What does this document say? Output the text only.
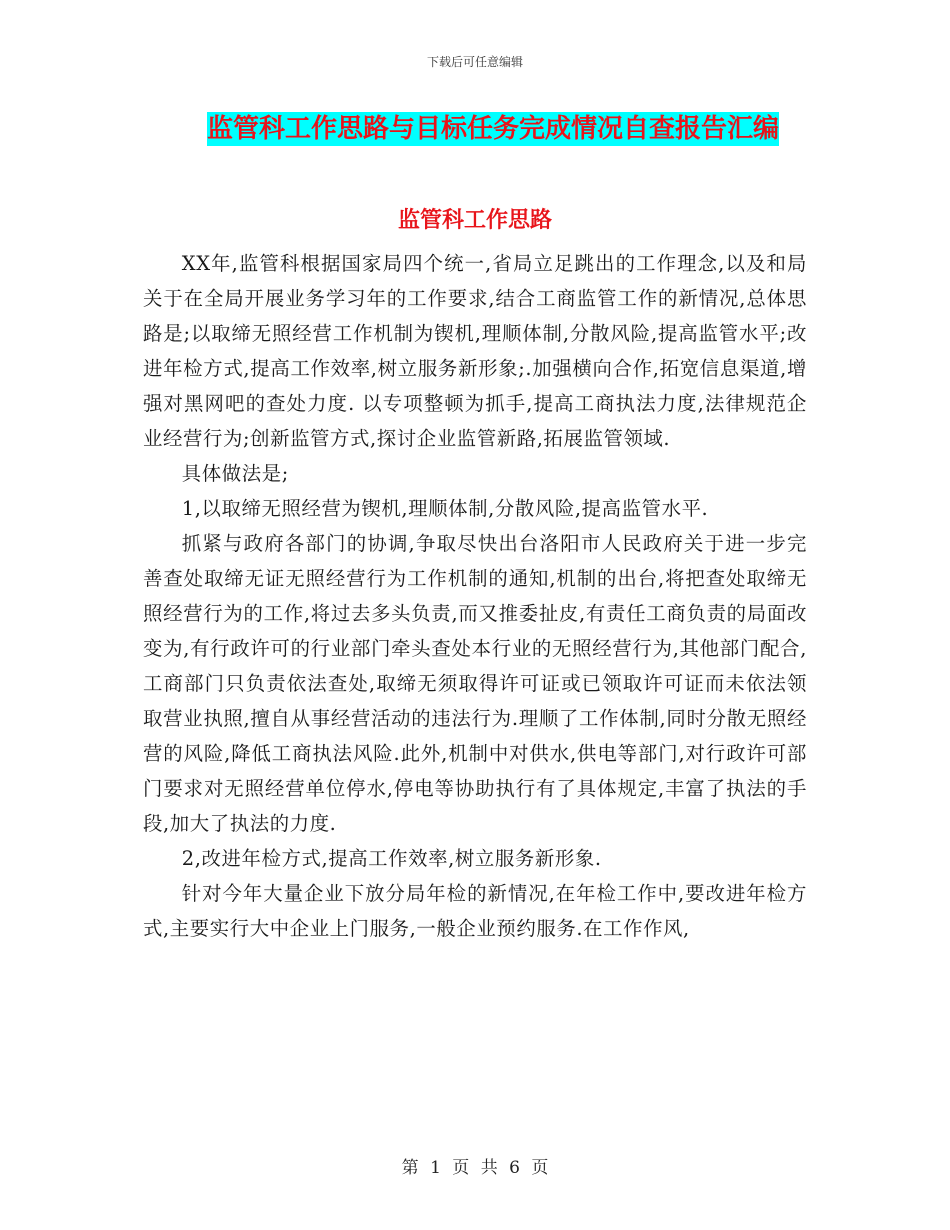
下载后可任意编辑
监管科工作思路与目标任务完成情况自查报告汇编
监管科工作思路

XX年,监管科根据国家局四个统一,省局立足跳出的工作理念,以及和局关于在全局开展业务学习年的工作要求,结合工商监管工作的新情况,总体思路是;以取缔无照经营工作机制为锲机,理顺体制,分散风险,提高监管水平;改进年检方式,提高工作效率,树立服务新形象;.加强横向合作,拓宽信息渠道,增强对黑网吧的查处力度. 以专项整顿为抓手,提高工商执法力度,法律规范企业经营行为;创新监管方式,探讨企业监管新路,拓展监管领域.

具体做法是;

1,以取缔无照经营为锲机,理顺体制,分散风险,提高监管水平.

抓紧与政府各部门的协调,争取尽快出台洛阳市人民政府关于进一步完善查处取缔无证无照经营行为工作机制的通知,机制的出台,将把查处取缔无照经营行为的工作,将过去多头负责,而又推委扯皮,有责任工商负责的局面改变为,有行政许可的行业部门牵头查处本行业的无照经营行为,其他部门配合,工商部门只负责依法查处,取缔无须取得许可证或已领取许可证而未依法领取营业执照,擅自从事经营活动的违法行为.理顺了工作体制,同时分散无照经营的风险,降低工商执法风险.此外,机制中对供水,供电等部门,对行政许可部门要求对无照经营单位停水,停电等协助执行有了具体规定,丰富了执法的手段,加大了执法的力度.

2,改进年检方式,提高工作效率,树立服务新形象.

针对今年大量企业下放分局年检的新情况,在年检工作中,要改进年检方式,主要实行大中企业上门服务,一般企业预约服务.在工作作风,

第 1 页 共 6 页
